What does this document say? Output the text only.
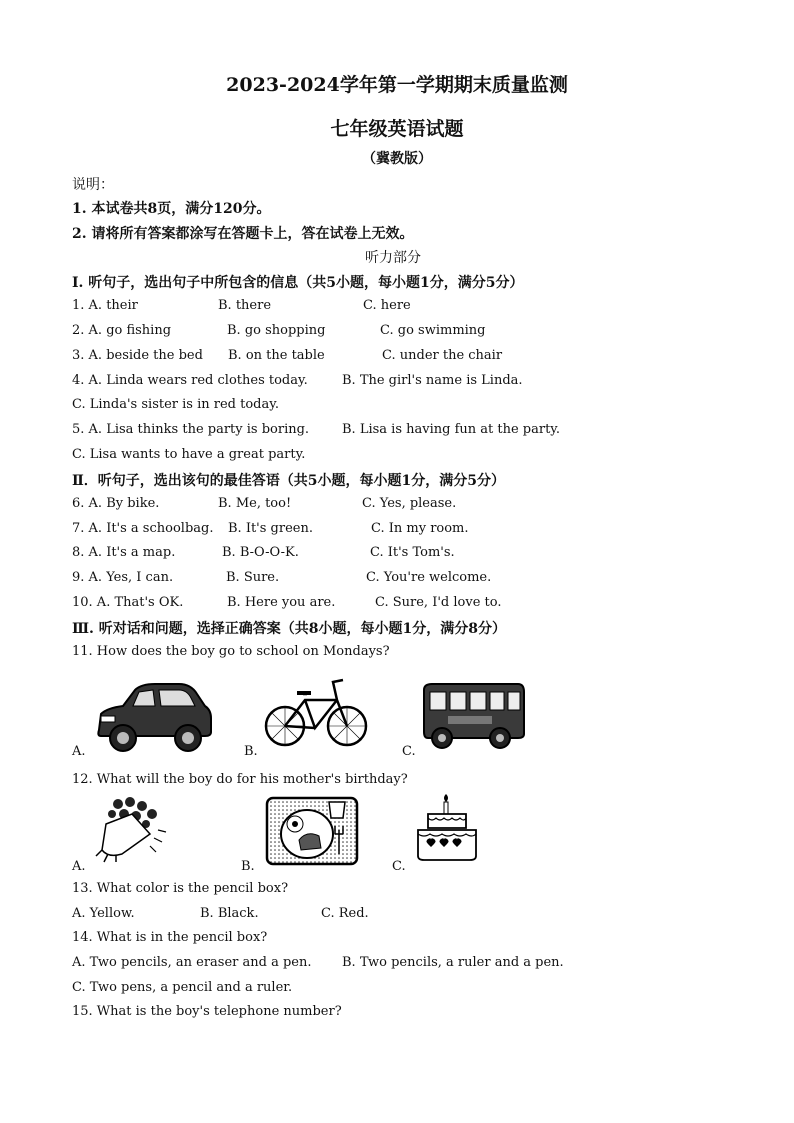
2023-2024学年第一学期期末质量监测
七年级英语试题
（冀教版）
说明：
1. 本试卷共8页，满分120分。
2. 请将所有答案都涂写在答题卡上，答在试卷上无效。
听力部分
I. 听句子，选出句子中所包含的信息（共5小题，每小题1分，满分5分）
1. A. their	B. there	C. here
2. A. go fishing	B. go shopping	C. go swimming
3. A. beside the bed B. on the table	C. under the chair
4. A. Linda wears red clothes today.	B. The girl's name is Linda.
C. Linda's sister is in red today.
5. A. Lisa thinks the party is boring.	B. Lisa is having fun at the party.
C. Lisa wants to have a great party.
Ⅱ．听句子，选出该句的最佳答语（共5小题，每小题1分，满分5分）
6. A. By bike.	B. Me, too!	C. Yes, please.
7. A. It's a schoolbag. B. It's green.	C. In my room.
8. A. It's a map.	B. B-O-O-K.	C. It's Tom's.
9. A. Yes, I can.	B. Sure.	C. You're welcome.
10. A. That's OK.	B. Here you are.	C. Sure, I'd love to.
Ⅲ. 听对话和问题，选择正确答案（共8小题，每小题1分，满分8分）
11. How does the boy go to school on Mondays?
A.	B.	C.
12. What will the boy do for his mother's birthday?
A.	B.	C.
13. What color is the pencil box?
A. Yellow.	B. Black.	C. Red.
14. What is in the pencil box?
A. Two pencils, an eraser and a pen. B. Two pencils, a ruler and a pen.
C. Two pens, a pencil and a ruler.
15. What is the boy's telephone number?
